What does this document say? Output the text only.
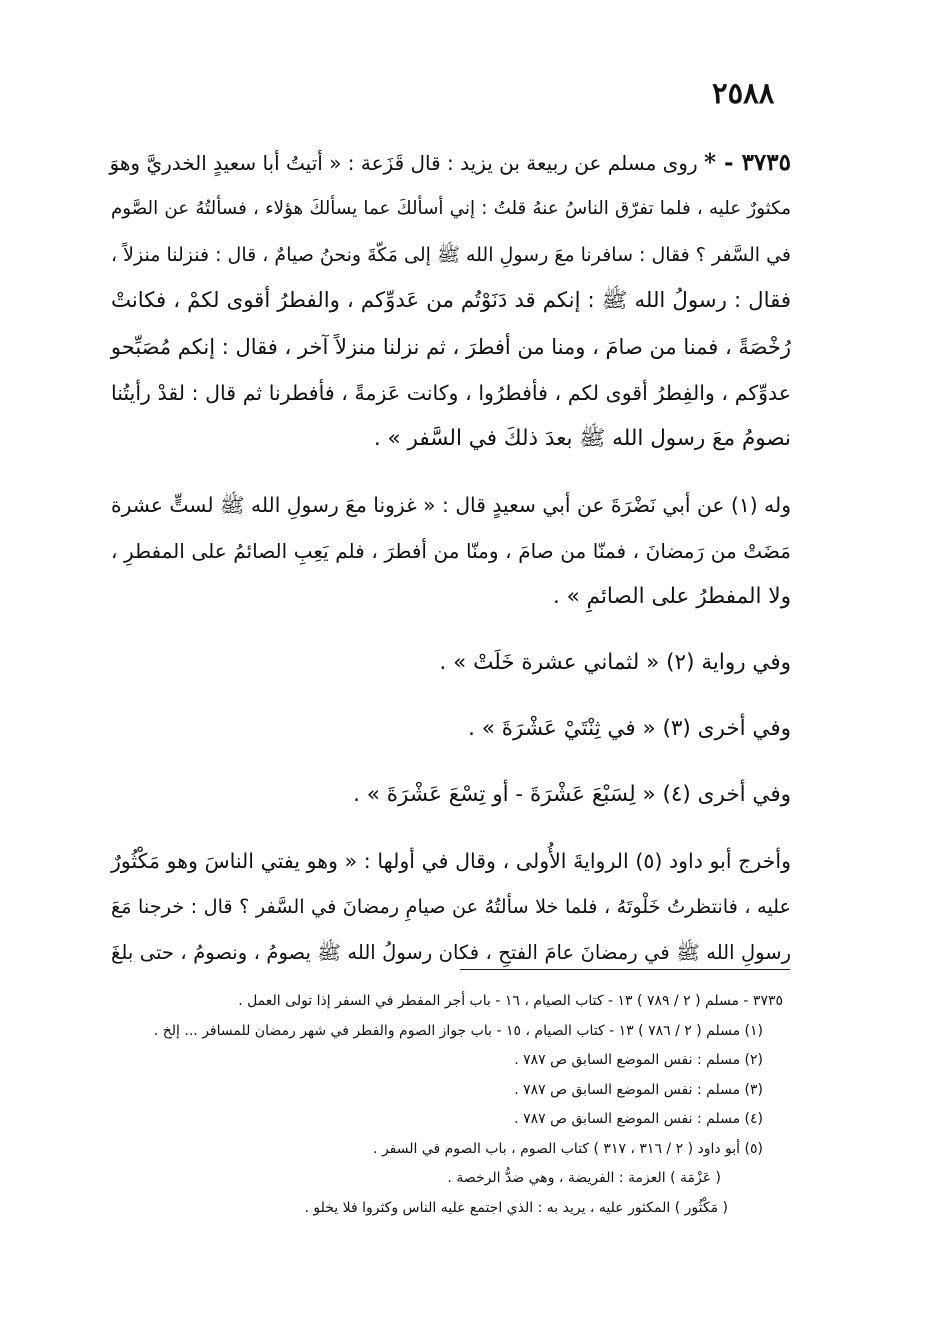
٢٥٨٨
٣٧٣٥ - * روى مسلم عن ربيعة بن يزيد : قال قَزَعة : « أتيتُ أبا سعيدٍ الخدريَّ وهوَ
مكثورٌ عليه ، فلما تفرّق الناسُ عنهُ قلتُ : إني أسألكَ عما يسألكَ هؤلاء ، فسألتُهُ عن الصَّوم
في السَّفر ؟ فقال : سافرنا معَ رسولِ الله ﷺ إلى مَكّةَ ونحنُ صيامٌ ، قال : فنزلنا منزلاً ،
فقال : رسولُ الله ﷺ : إنكم قد دَنَوْتُم من عَدوِّكم ، والفطرُ أقوى لكمْ ، فكانتْ
رُخْصَةً ، فمنا من صامَ ، ومنا من أفطرَ ، ثم نزلنا منزلاً آخر ، فقال : إنكم مُصَبِّحو
عدوِّكم ، والفِطرُ أقوى لكم ، فأفطرُوا ، وكانت عَزمةً ، فأفطرنا ثم قال : لقدْ رأيتُنا
نصومُ معَ رسول الله ﷺ بعدَ ذلكَ في السَّفر » .
وله (١) عن أبي نَضْرَةَ عن أبي سعيدٍ قال : « غزونا معَ رسولِ الله ﷺ لستٍّ عشرة
مَضَتْ من رَمضانَ ، فمنّا من صامَ ، ومنّا من أفطرَ ، فلم يَعِبِ الصائمُ على المفطرِ ،
ولا المفطرُ على الصائمِ » .
وفي رواية (٢) « لثماني عشرة خَلَتْ » .
وفي أخرى (٣) « في ثِنْتَيْ عَشْرَةَ » .
وفي أخرى (٤) « لِسَبْعَ عَشْرَةَ - أو تِسْعَ عَشْرَةَ » .
وأخرج أبو داود (٥) الروايةَ الأُولى ، وقال في أولها : « وهو يفتي الناسَ وهو مَكْثُورٌ
عليه ، فانتظرتُ خَلْوتَهُ ، فلما خلا سألتُهُ عن صيامِ رمضانَ في السَّفر ؟ قال : خرجنا مَعَ
رسولِ الله ﷺ في رمضانَ عامَ الفتحِ ، فكان رسولُ الله ﷺ يصومُ ، ونصومُ ، حتى بلغَ
٣٧٣٥ - مسلم ( ٢ / ٧٨٩ ) ١٣ - كتاب الصيام ، ١٦ - باب أجر المفطر في السفر إذا تولى العمل .
(١) مسلم ( ٢ / ٧٨٦ ) ١٣ - كتاب الصيام ، ١٥ - باب جواز الصوم والفطر في شهر رمضان للمسافر ... إلخ .
(٢) مسلم : نفس الموضع السابق ص ٧٨٧ .
(٣) مسلم : نفس الموضع السابق ص ٧٨٧ .
(٤) مسلم : نفس الموضع السابق ص ٧٨٧ .
(٥) أبو داود ( ٢ / ٣١٦ ، ٣١٧ ) كتاب الصوم ، باب الصوم في السفر .
( عَزْمَة ) العزمة : الفريضة ، وهي ضدُّ الرخصة .
( مَكْثُور ) المكثور عليه ، يريد به : الذي اجتمع عليه الناس وكثروا فلا يخلو .
